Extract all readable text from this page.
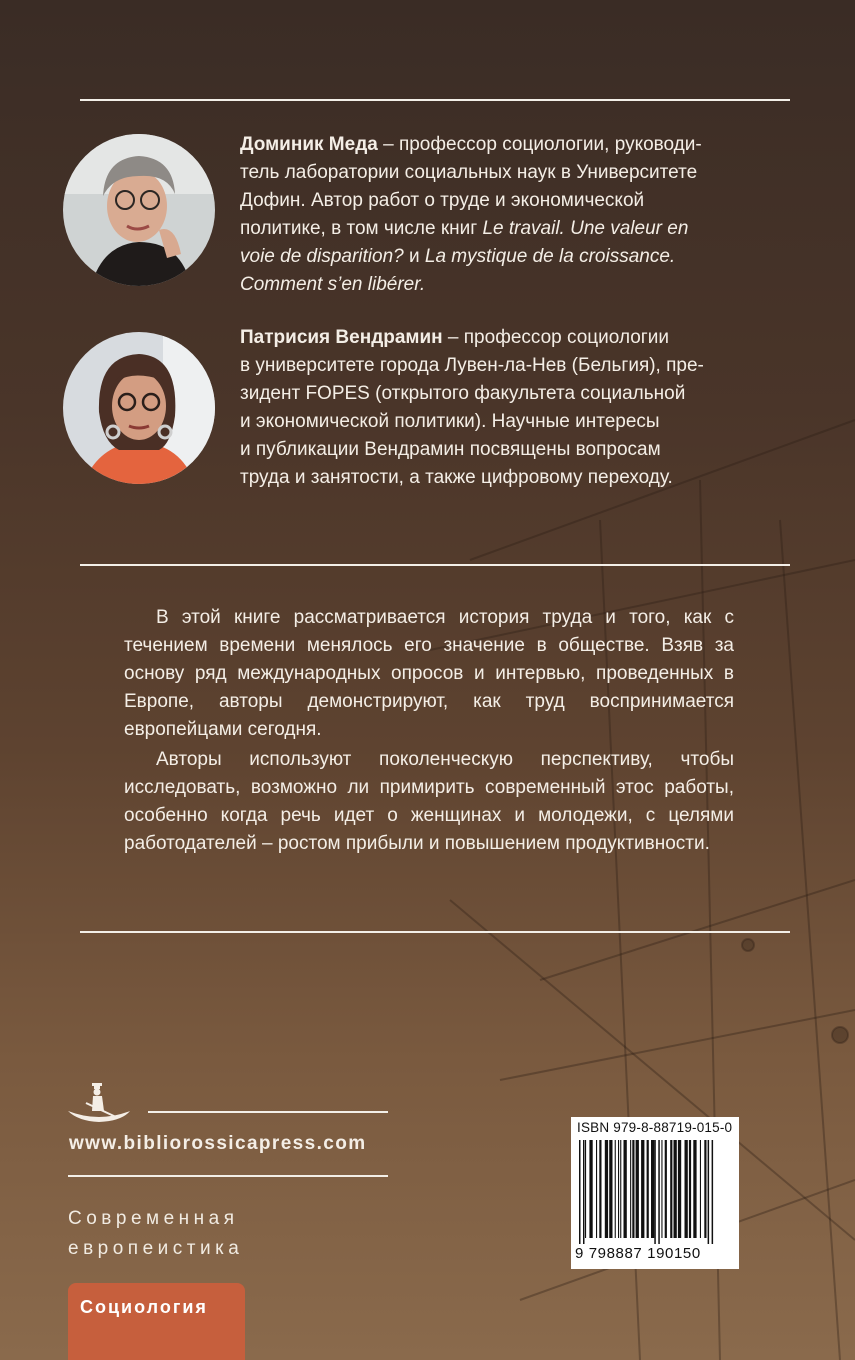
Доминик Меда – профессор социологии, руководи-
тель лаборатории социальных наук в Университете
Дофин. Автор работ о труде и экономической
политике, в том числе книг Le travail. Une valeur en
voie de disparition? и La mystique de la croissance.
Comment s’en libérer.
Патрисия Вендрамин – профессор социологии
в университете города Лувен-ла-Нев (Бельгия), пре-
зидент FOPES (открытого факультета социальной
и экономической политики). Научные интересы
и публикации Вендрамин посвящены вопросам
труда и занятости, а также цифровому переходу.

В этой книге рассматривается история труда и того, как с течением времени менялось его значение в обществе. Взяв за основу ряд международных опросов и интервью, проведенных в Европе, авторы демонстрируют, как труд воспринимается европейцами сегодня.

Авторы используют поколенческую перспективу, чтобы исследовать, возможно ли примирить современный этос работы, особенно когда речь идет о женщинах и молодежи, с целями работодателей – ростом прибыли и повышением продуктивности.

www.bibliorossicapress.com
Современная
европеистика
Социология
ISBN 979-8-88719-015-0
9 798887 190150
